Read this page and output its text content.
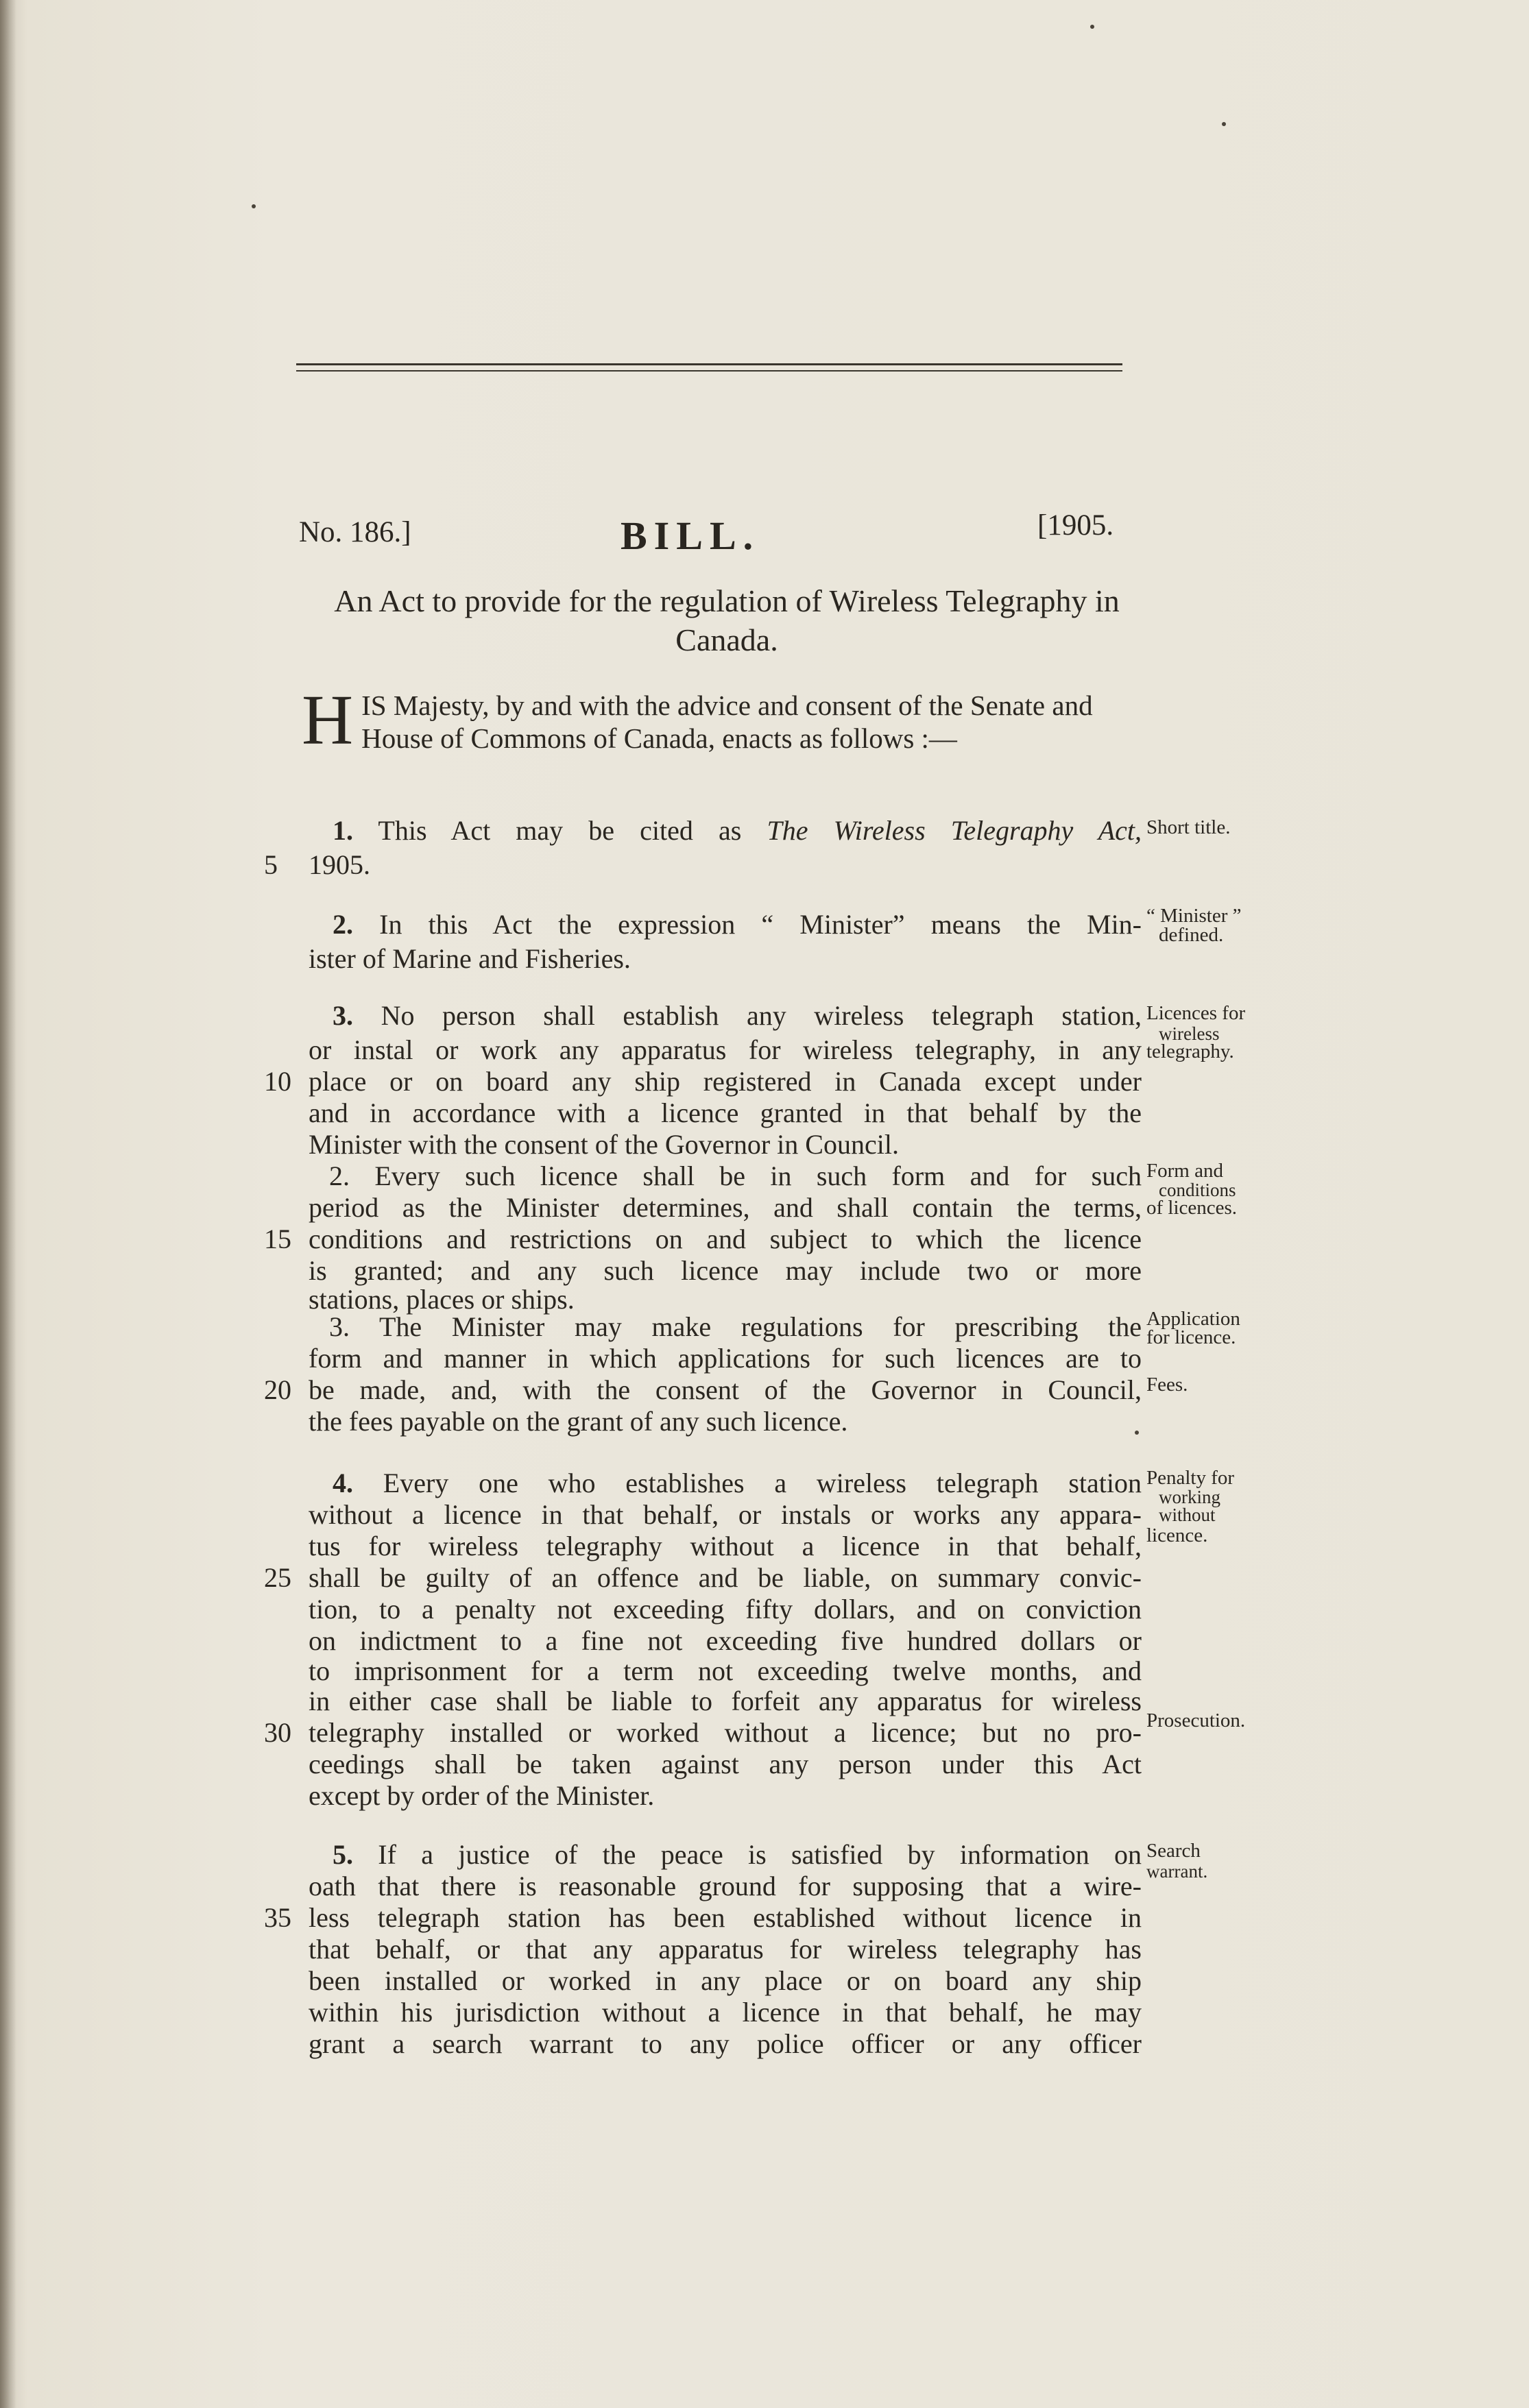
No. 186.]	BILL.	[1905.
An Act to provide for the regulation of Wireless Telegraphy in Canada.
HIS Majesty, by and with the advice and consent of the Senate and House of Commons of Canada, enacts as follows :—
1. This Act may be cited as The Wireless Telegraphy Act,
1905.
2. In this Act the expression “ Minister” means the Min-
ister of Marine and Fisheries.
3. No person shall establish any wireless telegraph station,
or instal or work any apparatus for wireless telegraphy, in any
place or on board any ship registered in Canada except under
and in accordance with a licence granted in that behalf by the
Minister with the consent of the Governor in Council.
2. Every such licence shall be in such form and for such
period as the Minister determines, and shall contain the terms,
conditions and restrictions on and subject to which the licence
is granted; and any such licence may include two or more
stations, places or ships.
3. The Minister may make regulations for prescribing the
form and manner in which applications for such licences are to
be made, and, with the consent of the Governor in Council,
the fees payable on the grant of any such licence.
4. Every one who establishes a wireless telegraph station
without a licence in that behalf, or instals or works any appara-
tus for wireless telegraphy without a licence in that behalf,
shall be guilty of an offence and be liable, on summary convic-
tion, to a penalty not exceeding fifty dollars, and on conviction
on indictment to a fine not exceeding five hundred dollars or
to imprisonment for a term not exceeding twelve months, and
in either case shall be liable to forfeit any apparatus for wireless
telegraphy installed or worked without a licence; but no pro-
ceedings shall be taken against any person under this Act
except by order of the Minister.
5. If a justice of the peace is satisfied by information on
oath that there is reasonable ground for supposing that a wire-
less telegraph station has been established without licence in
that behalf, or that any apparatus for wireless telegraphy has
been installed or worked in any place or on board any ship
within his jurisdiction without a licence in that behalf, he may
grant a search warrant to any police officer or any officer
5
10
15
20
25
30
35
Short title.
“ Minister ”
defined.
Licences for
wireless
telegraphy.
Form and
conditions
of licences.
Application
for licence.
Fees.
Penalty for
working
without
licence.
Prosecution.
Search
warrant.
